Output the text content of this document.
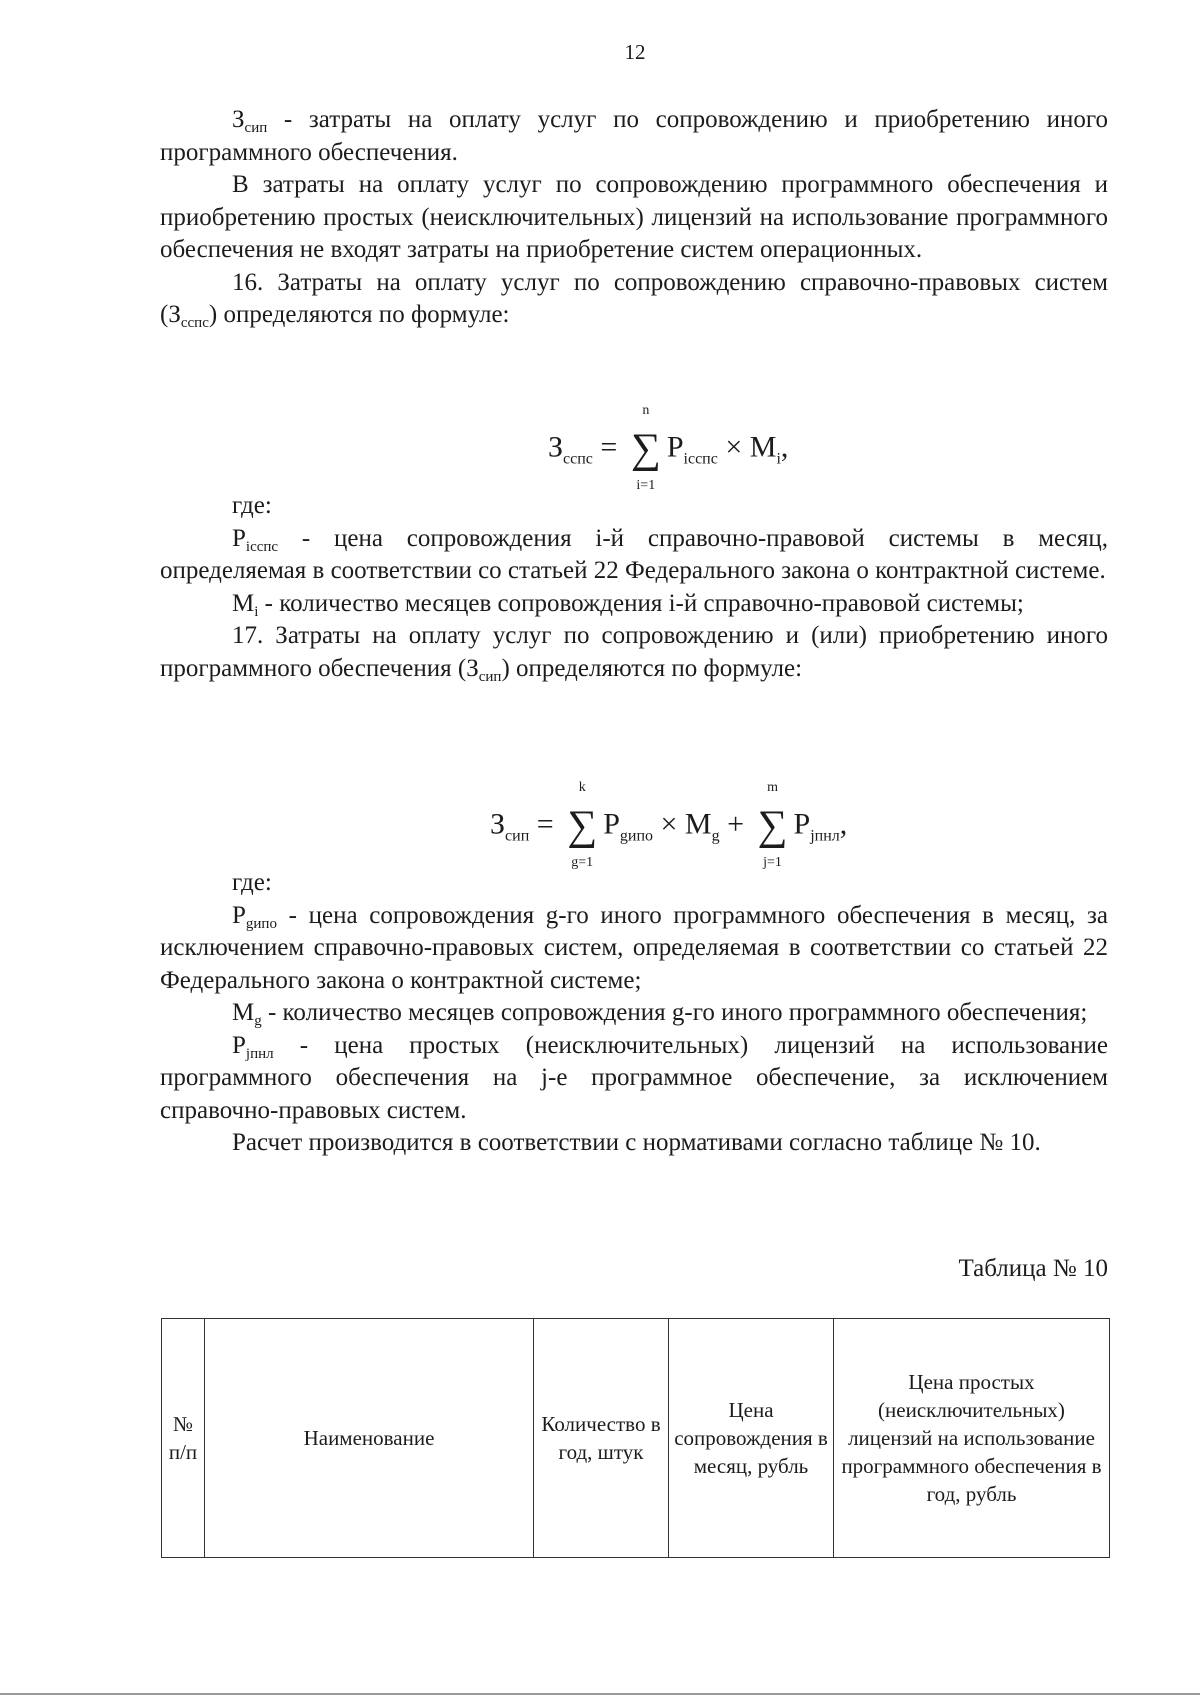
12

$З_{сип}$ - затраты на оплату услуг по сопровождению и приобретению иного программного обеспечения.

В затраты на оплату услуг по сопровождению программного обеспечения и приобретению простых (неисключительных) лицензий на использование программного обеспечения не входят затраты на приобретение систем операционных.

16. Затраты на оплату услуг по сопровождению справочно-правовых систем $(З_{сспс})$ определяются по формуле:

$З_{сспс}$ =
n
∑
i=1
$P_{iсспс} \times M_i$,

где:

$P_{iсспс}$ - цена сопровождения i-й справочно-правовой системы в месяц, определяемая в соответствии со статьей 22 Федерального закона о контрактной системе.

$M_i$ - количество месяцев сопровождения i-й справочно-правовой системы;

17. Затраты на оплату услуг по сопровождению и (или) приобретению иного программного обеспечения $(З_{сип})$ определяются по формуле:

$З_{сип}$ =
k
∑
g=1
$P_{gипо} \times M_g$ +
m
∑
j=1
$P_{jпнл}$,

где:

$P_{gипо}$ - цена сопровождения g-го иного программного обеспечения в месяц, за исключением справочно-правовых систем, определяемая в соответствии со статьей 22 Федерального закона о контрактной системе;

$M_g$ - количество месяцев сопровождения g-го иного программного обеспечения;

$P_{jпнл}$ - цена простых (неисключительных) лицензий на использование программного обеспечения на j-е программное обеспечение, за исключением справочно-правовых систем.

Расчет производится в соответствии с нормативами согласно таблице № 10.

Таблица № 10
№ п/п	Наименование	Количество в год, штук	Цена сопровождения в месяц, рубль	Цена простых (неисключительных) лицензий на использование программного обеспечения в год, рубль
